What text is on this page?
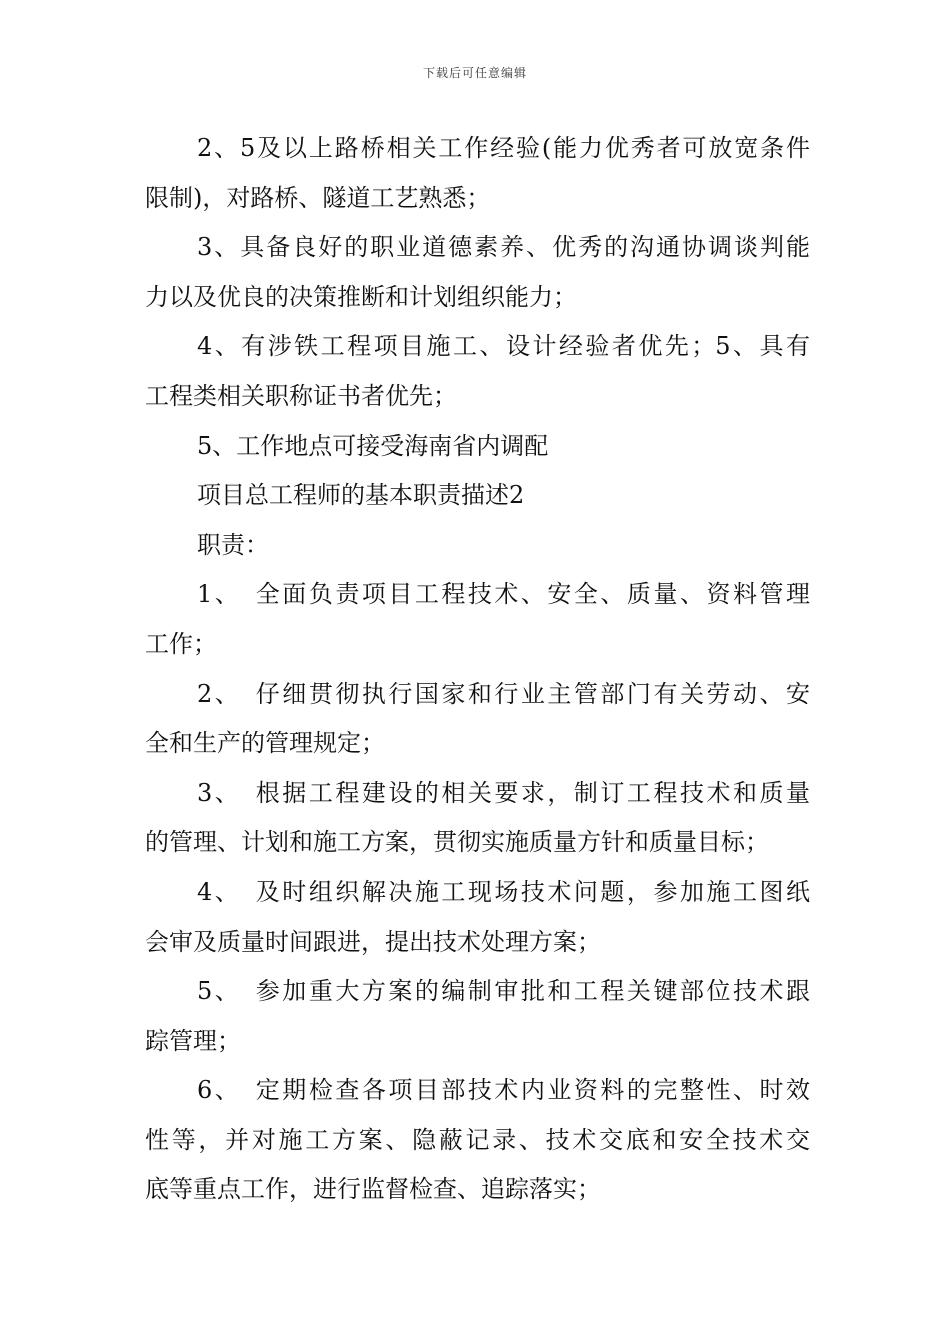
下载后可任意编辑
2、5及以上路桥相关工作经验(能力优秀者可放宽条件
限制)，对路桥、隧道工艺熟悉；
3、具备良好的职业道德素养、优秀的沟通协调谈判能
力以及优良的决策推断和计划组织能力；
4、有涉铁工程项目施工、设计经验者优先；5、具有
工程类相关职称证书者优先；
5、工作地点可接受海南省内调配
项目总工程师的基本职责描述2
职责：
1、　全面负责项目工程技术、安全、质量、资料管理
工作；
2、　仔细贯彻执行国家和行业主管部门有关劳动、安
全和生产的管理规定；
3、　根据工程建设的相关要求，制订工程技术和质量
的管理、计划和施工方案，贯彻实施质量方针和质量目标；
4、　及时组织解决施工现场技术问题，参加施工图纸
会审及质量时间跟进，提出技术处理方案；
5、　参加重大方案的编制审批和工程关键部位技术跟
踪管理；
6、　定期检查各项目部技术内业资料的完整性、时效
性等，并对施工方案、隐蔽记录、技术交底和安全技术交
底等重点工作，进行监督检查、追踪落实；
